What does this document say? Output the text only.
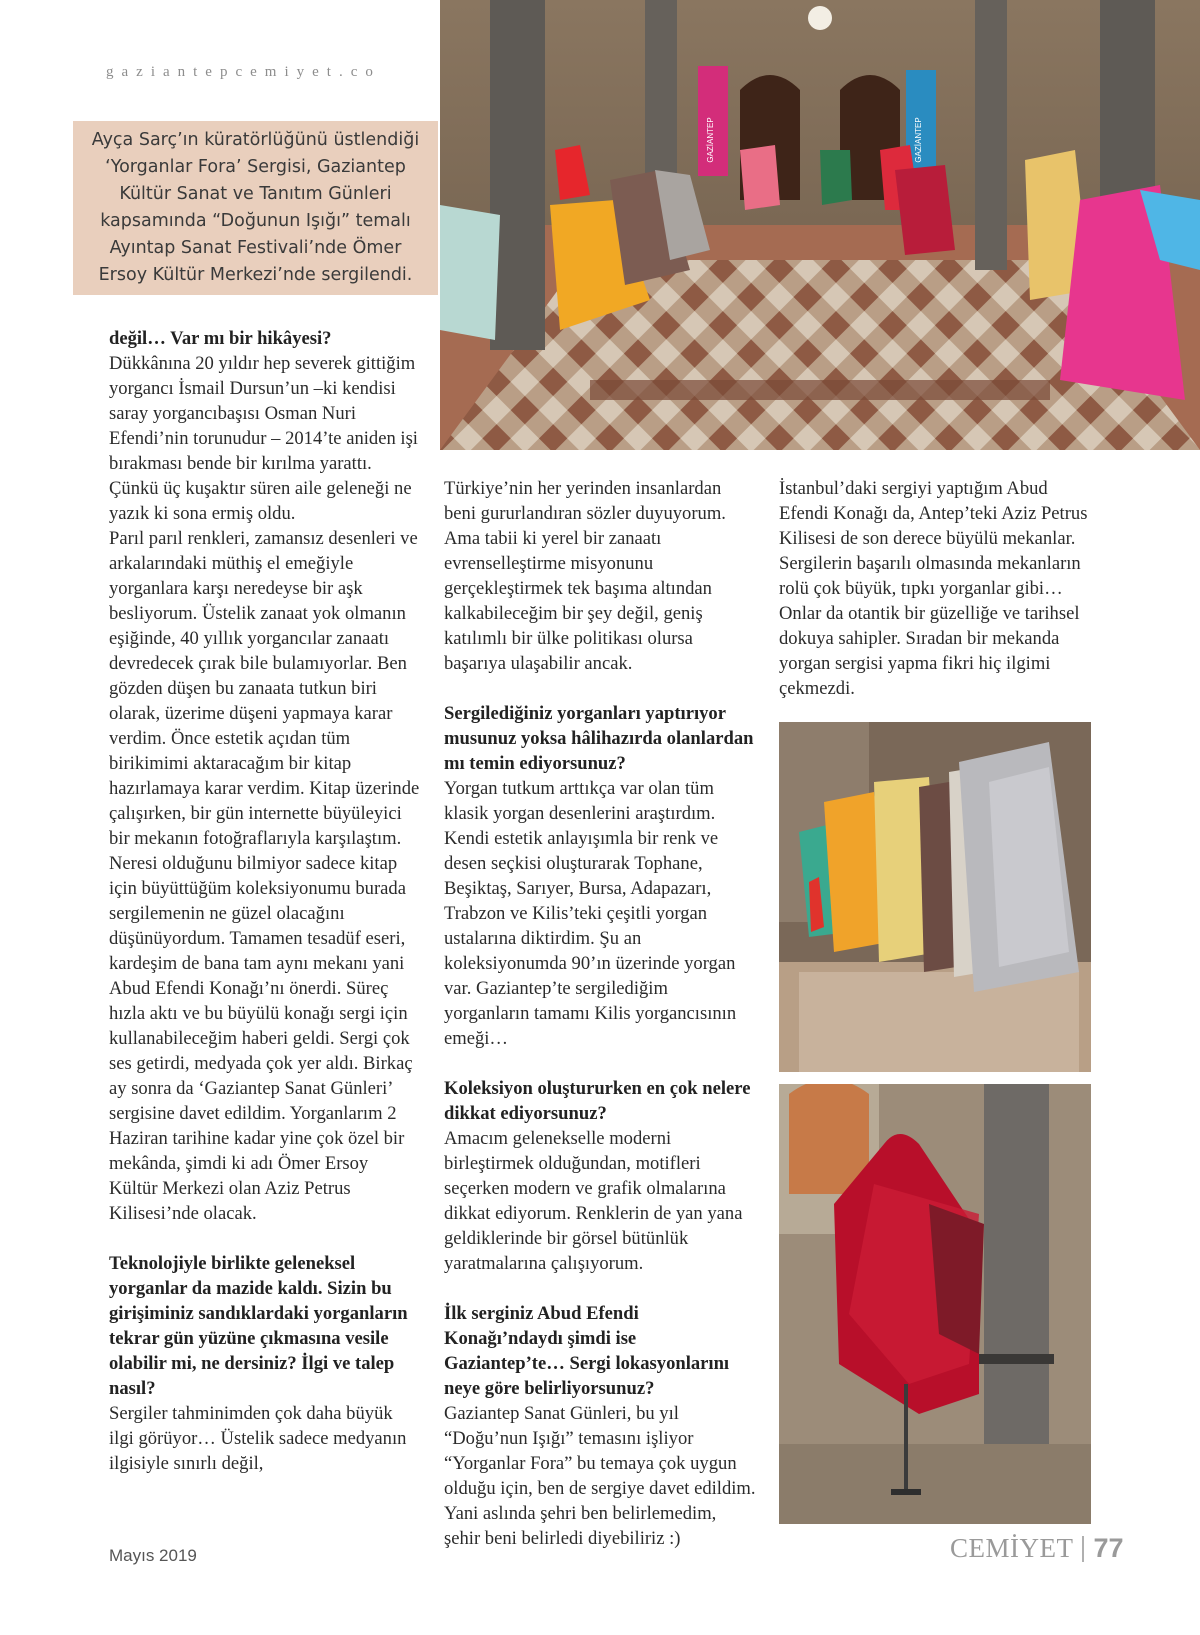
gaziantepcemiyet.co
Ayça Sarç’ın küratörlüğünü üstlendiği ‘Yorganlar Fora’ Sergisi, Gaziantep Kültür Sanat ve Tanıtım Günleri kapsamında “Doğunun Işığı” temalı Ayıntap Sanat Festivali’nde Ömer Ersoy Kültür Merkezi’nde sergilendi.
GAZİANTEP	GAZİANTEP

değil… Var mı bir hikâyesi?

Dükkânına 20 yıldır hep severek gittiğim yorgancı İsmail Dursun’un –ki kendisi saray yorgancıbaşısı Osman Nuri Efendi’nin torunudur – 2014’te aniden işi bırakması bende bir kırılma yarattı. Çünkü üç kuşaktır süren aile geleneği ne yazık ki sona ermiş oldu.

Parıl parıl renkleri, zamansız desenleri ve arkalarındaki müthiş el emeğiyle yorganlara karşı neredeyse bir aşk besliyorum. Üstelik zanaat yok olmanın eşiğinde, 40 yıllık yorgancılar zanaatı devredecek çırak bile bulamıyorlar. Ben gözden düşen bu zanaata tutkun biri olarak, üzerime düşeni yapmaya karar verdim. Önce estetik açıdan tüm birikimimi aktaracağım bir kitap hazırlamaya karar verdim. Kitap üzerinde çalışırken, bir gün internette büyüleyici bir mekanın fotoğraflarıyla karşılaştım. Neresi olduğunu bilmiyor sadece kitap için büyüttüğüm koleksiyonumu burada sergilemenin ne güzel olacağını düşünüyordum. Tamamen tesadüf eseri, kardeşim de bana tam aynı mekanı yani Abud Efendi Konağı’nı önerdi. Süreç hızla aktı ve bu büyülü konağı sergi için kullanabileceğim haberi geldi. Sergi çok ses getirdi, medyada çok yer aldı. Birkaç ay sonra da ‘Gaziantep Sanat Günleri’ sergisine davet edildim. Yorganlarım 2 Haziran tarihine kadar yine çok özel bir mekânda, şimdi ki adı Ömer Ersoy Kültür Merkezi olan Aziz Petrus Kilisesi’nde olacak.

Teknolojiyle birlikte geleneksel yorganlar da mazide kaldı. Sizin bu girişiminiz sandıklardaki yorganların tekrar gün yüzüne çıkmasına vesile olabilir mi, ne dersiniz? İlgi ve talep nasıl?

Sergiler tahminimden çok daha büyük ilgi görüyor… Üstelik sadece medyanın ilgisiyle sınırlı değil,

Türkiye’nin her yerinden insanlardan beni gururlandıran sözler duyuyorum. Ama tabii ki yerel bir zanaatı evrenselleştirme misyonunu gerçekleştirmek tek başıma altından kalkabileceğim bir şey değil, geniş katılımlı bir ülke politikası olursa başarıya ulaşabilir ancak.

Sergilediğiniz yorganları yaptırıyor musunuz yoksa hâlihazırda olanlardan mı temin ediyorsunuz?

Yorgan tutkum arttıkça var olan tüm klasik yorgan desenlerini araştırdım. Kendi estetik anlayışımla bir renk ve desen seçkisi oluşturarak Tophane, Beşiktaş, Sarıyer, Bursa, Adapazarı, Trabzon ve Kilis’teki çeşitli yorgan ustalarına diktirdim. Şu an koleksiyonumda 90’ın üzerinde yorgan var. Gaziantep’te sergilediğim yorganların tamamı Kilis yorgancısının emeği…

Koleksiyon oluştururken en çok nelere dikkat ediyorsunuz?

Amacım gelenekselle moderni birleştirmek olduğundan, motifleri seçerken modern ve grafik olmalarına dikkat ediyorum. Renklerin de yan yana geldiklerinde bir görsel bütünlük yaratmalarına çalışıyorum.

İlk serginiz Abud Efendi Konağı’ndaydı şimdi ise Gaziantep’te… Sergi lokasyonlarını neye göre belirliyorsunuz?

Gaziantep Sanat Günleri, bu yıl “Doğu’nun Işığı” temasını işliyor “Yorganlar Fora” bu temaya çok uygun olduğu için, ben de sergiye davet edildim. Yani aslında şehri ben belirlemedim, şehir beni belirledi diyebiliriz :)

İstanbul’daki sergiyi yaptığım Abud Efendi Konağı da, Antep’teki Aziz Petrus Kilisesi de son derece büyülü mekanlar. Sergilerin başarılı olmasında mekanların rolü çok büyük, tıpkı yorganlar gibi… Onlar da otantik bir güzelliğe ve tarihsel dokuya sahipler. Sıradan bir mekanda yorgan sergisi yapma fikri hiç ilgimi çekmezdi.

Mayıs 2019	CEMİYET 77
